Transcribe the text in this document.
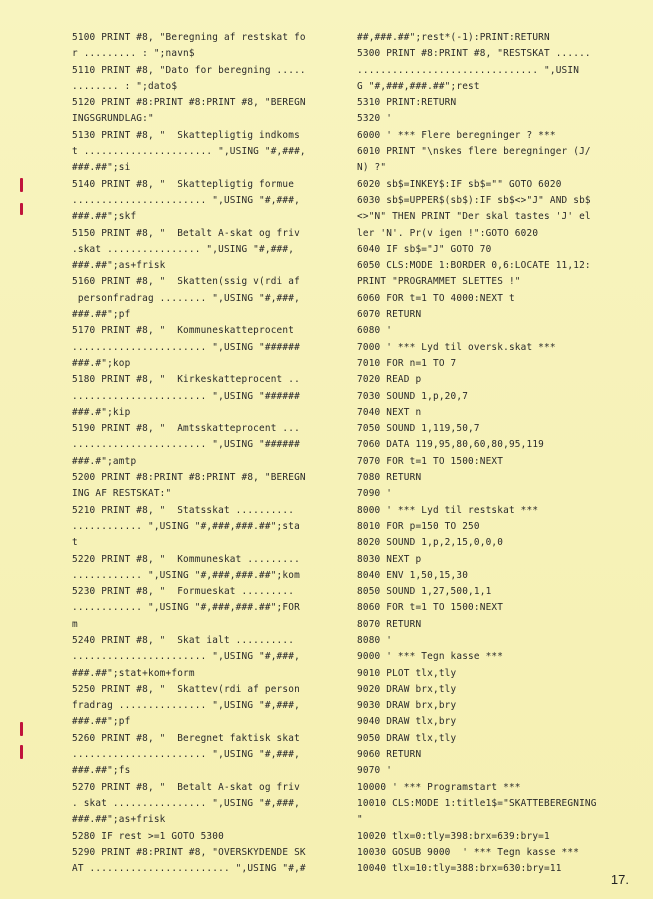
5100 PRINT #8, "Beregning af restskat fo
r ......... : ";navn$
5110 PRINT #8, "Dato for beregning .....
........ : ";dato$
5120 PRINT #8:PRINT #8:PRINT #8, "BEREGN
INGSGRUNDLAG:"
5130 PRINT #8, "  Skattepligtig indkoms
t ...................... ",USING "#,###,
###.##";si
5140 PRINT #8, "  Skattepligtig formue
....................... ",USING "#,###,
###.##";skf
5150 PRINT #8, "  Betalt A-skat og friv
.skat ................ ",USING "#,###,
###.##";as+frisk
5160 PRINT #8, "  Skatten(ssig v(rdi af
personfradrag ........ ",USING "#,###,
###.##";pf
5170 PRINT #8, "  Kommuneskatteprocent
....................... ",USING "######
###.#";kop
5180 PRINT #8, "  Kirkeskatteprocent ..
....................... ",USING "######
###.#";kip
5190 PRINT #8, "  Amtsskatteprocent ...
....................... ",USING "######
###.#";amtp
5200 PRINT #8:PRINT #8:PRINT #8, "BEREGN
ING AF RESTSKAT:"
5210 PRINT #8, "  Statsskat ..........
............ ",USING "#,###,###.##";sta
t
5220 PRINT #8, "  Kommuneskat .........
............ ",USING "#,###,###.##";kom
5230 PRINT #8, "  Formueskat .........
............ ",USING "#,###,###.##";FOR
m
5240 PRINT #8, "  Skat ialt ..........
....................... ",USING "#,###,
###.##";stat+kom+form
5250 PRINT #8, "  Skattev(rdi af person
fradrag ............... ",USING "#,###,
###.##";pf
5260 PRINT #8, "  Beregnet faktisk skat
....................... ",USING "#,###,
###.##";fs
5270 PRINT #8, "  Betalt A-skat og friv
. skat ................ ",USING "#,###,
###.##";as+frisk
5280 IF rest >=1 GOTO 5300
5290 PRINT #8:PRINT #8, "OVERSKYDENDE SK
AT ........................ ",USING "#,#
##,###.##";rest*(-1):PRINT:RETURN
5300 PRINT #8:PRINT #8, "RESTSKAT ......
............................... ",USIN
G "#,###,###.##";rest
5310 PRINT:RETURN
5320 '
6000 ' *** Flere beregninger ? ***
6010 PRINT "\nskes flere beregninger (J/
N) ?"
6020 sb$=INKEY$:IF sb$="" GOTO 6020
6030 sb$=UPPER$(sb$):IF sb$<>"J" AND sb$
<>"N" THEN PRINT "Der skal tastes 'J' el
ler 'N'. Pr(v igen !":GOTO 6020
6040 IF sb$="J" GOTO 70
6050 CLS:MODE 1:BORDER 0,6:LOCATE 11,12:
PRINT "PROGRAMMET SLETTES !"
6060 FOR t=1 TO 4000:NEXT t
6070 RETURN
6080 '
7000 ' *** Lyd til oversk.skat ***
7010 FOR n=1 TO 7
7020 READ p
7030 SOUND 1,p,20,7
7040 NEXT n
7050 SOUND 1,119,50,7
7060 DATA 119,95,80,60,80,95,119
7070 FOR t=1 TO 1500:NEXT
7080 RETURN
7090 '
8000 ' *** Lyd til restskat ***
8010 FOR p=150 TO 250
8020 SOUND 1,p,2,15,0,0,0
8030 NEXT p
8040 ENV 1,50,15,30
8050 SOUND 1,27,500,1,1
8060 FOR t=1 TO 1500:NEXT
8070 RETURN
8080 '
9000 ' *** Tegn kasse ***
9010 PLOT tlx,tly
9020 DRAW brx,tly
9030 DRAW brx,bry
9040 DRAW tlx,bry
9050 DRAW tlx,tly
9060 RETURN
9070 '
10000 ' *** Programstart ***
10010 CLS:MODE 1:title1$="SKATTEBEREGNING
"
10020 tlx=0:tly=398:brx=639:bry=1
10030 GOSUB 9000  ' *** Tegn kasse ***
10040 tlx=10:tly=388:brx=630:bry=11
17.
